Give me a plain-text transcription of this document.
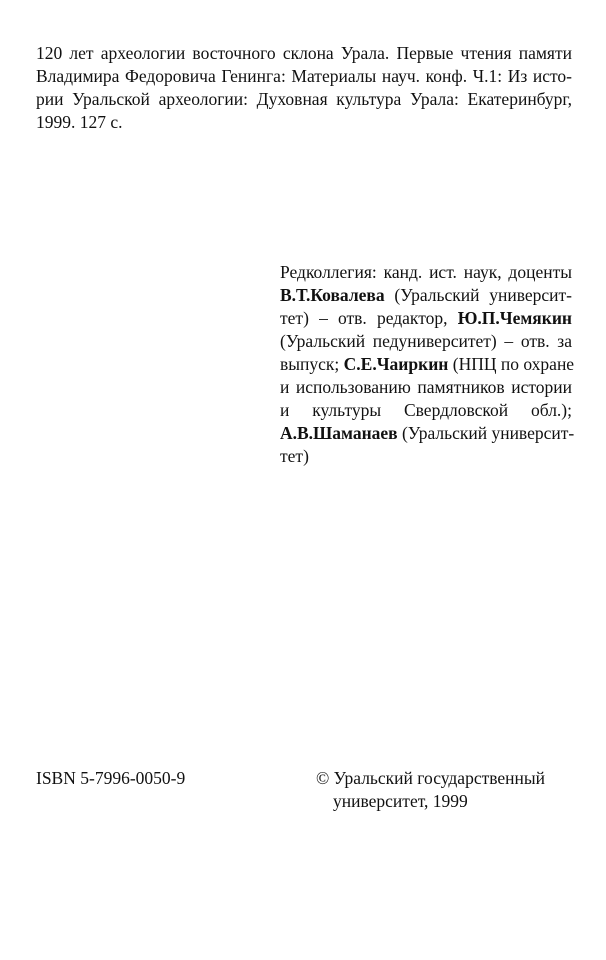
120 лет археологии восточного склона Урала. Первые чтения памяти
Владимира Федоровича Генинга: Материалы науч. конф. Ч.1: Из исто-
рии Уральской археологии: Духовная культура Урала: Екатеринбург,
1999. 127 с.
Редколлегия: канд. ист. наук, доценты
В.Т.Ковалева (Уральский университ-
тет) – отв. редактор, Ю.П.Чемякин
(Уральский педуниверситет) – отв. за
выпуск; С.Е.Чаиркин (НПЦ по охране
и использованию памятников истории
и культуры Свердловской обл.);
А.В.Шаманаев (Уральский университ-
тет)
ISBN 5-7996-0050-9	© Уральский государственный
университет, 1999
